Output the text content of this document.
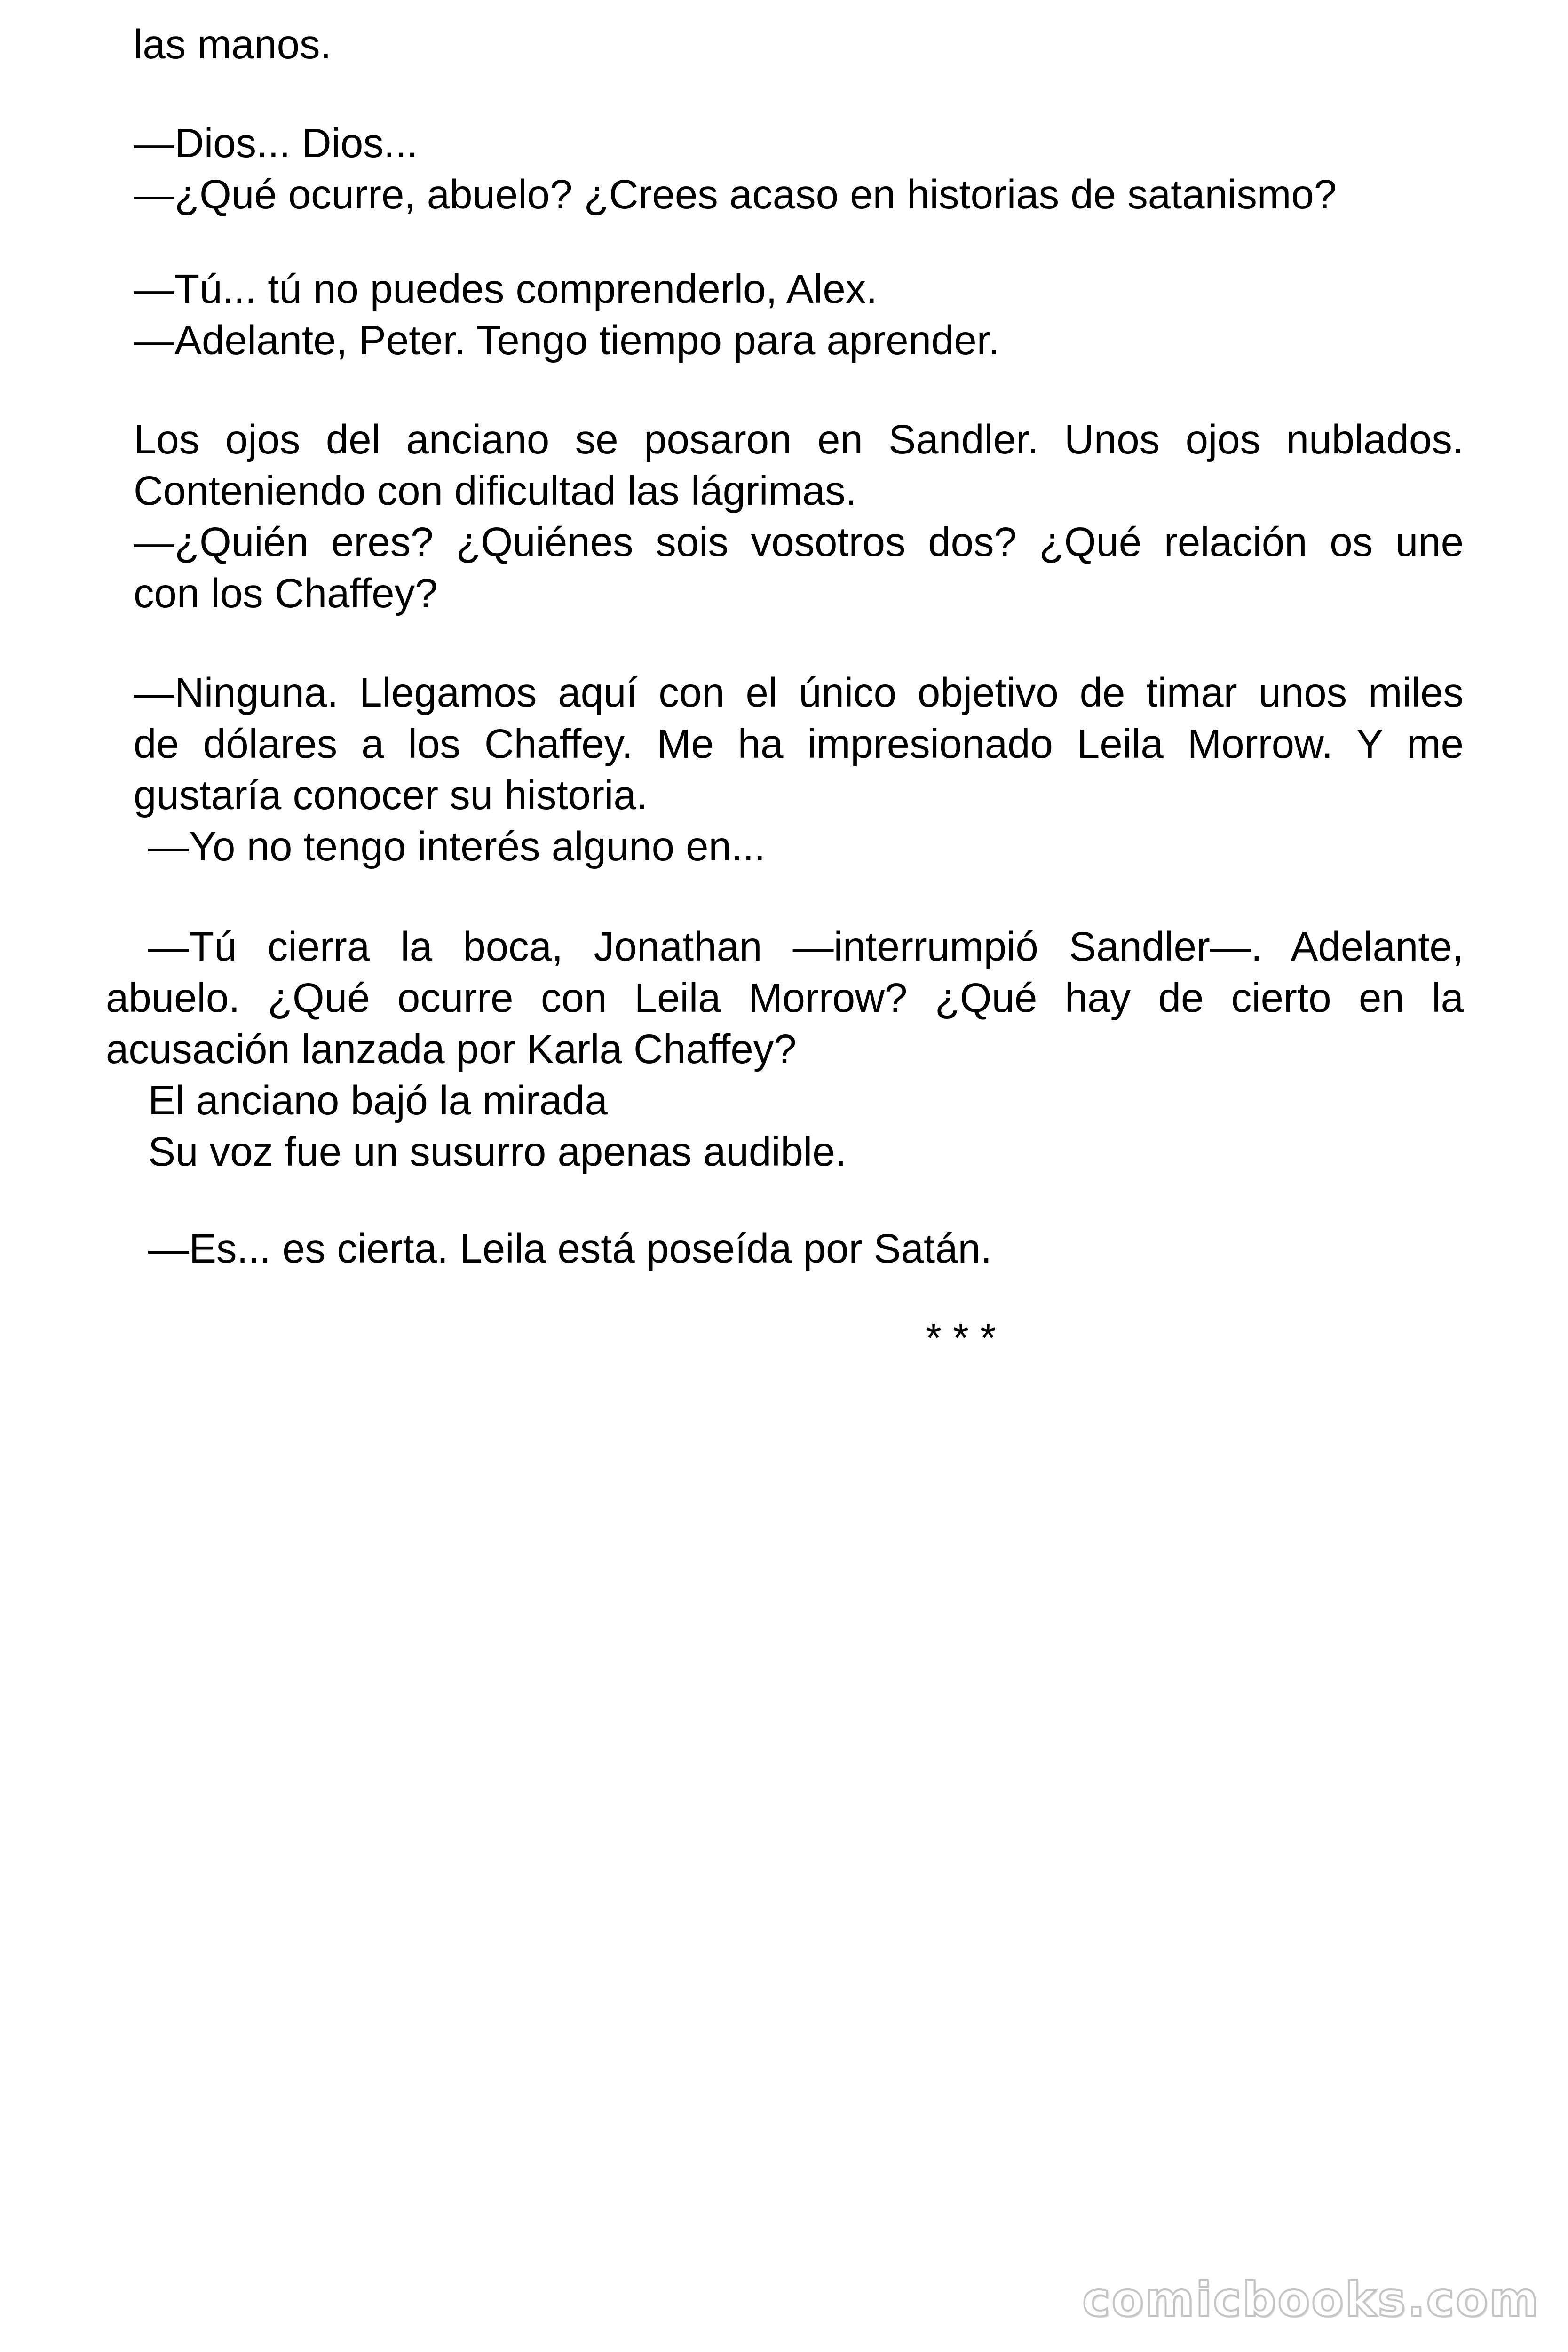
las manos.
—Dios... Dios...
—¿Qué ocurre, abuelo? ¿Crees acaso en historias de satanismo?
—Tú... tú no puedes comprenderlo, Alex.
—Adelante, Peter. Tengo tiempo para aprender.
Los ojos del anciano se posaron en Sandler. Unos ojos nublados.
Conteniendo con dificultad las lágrimas.
—¿Quién eres? ¿Quiénes sois vosotros dos? ¿Qué relación os une
con los Chaffey?
—Ninguna. Llegamos aquí con el único objetivo de timar unos miles
de dólares a los Chaffey. Me ha impresionado Leila Morrow. Y me
gustaría conocer su historia.
—Yo no tengo interés alguno en...
—Tú cierra la boca, Jonathan —interrumpió Sandler—. Adelante,
abuelo. ¿Qué ocurre con Leila Morrow? ¿Qué hay de cierto en la
acusación lanzada por Karla Chaffey?
El anciano bajó la mirada
Su voz fue un susurro apenas audible.
—Es... es cierta. Leila está poseída por Satán.
* * *
comicbooks.com
